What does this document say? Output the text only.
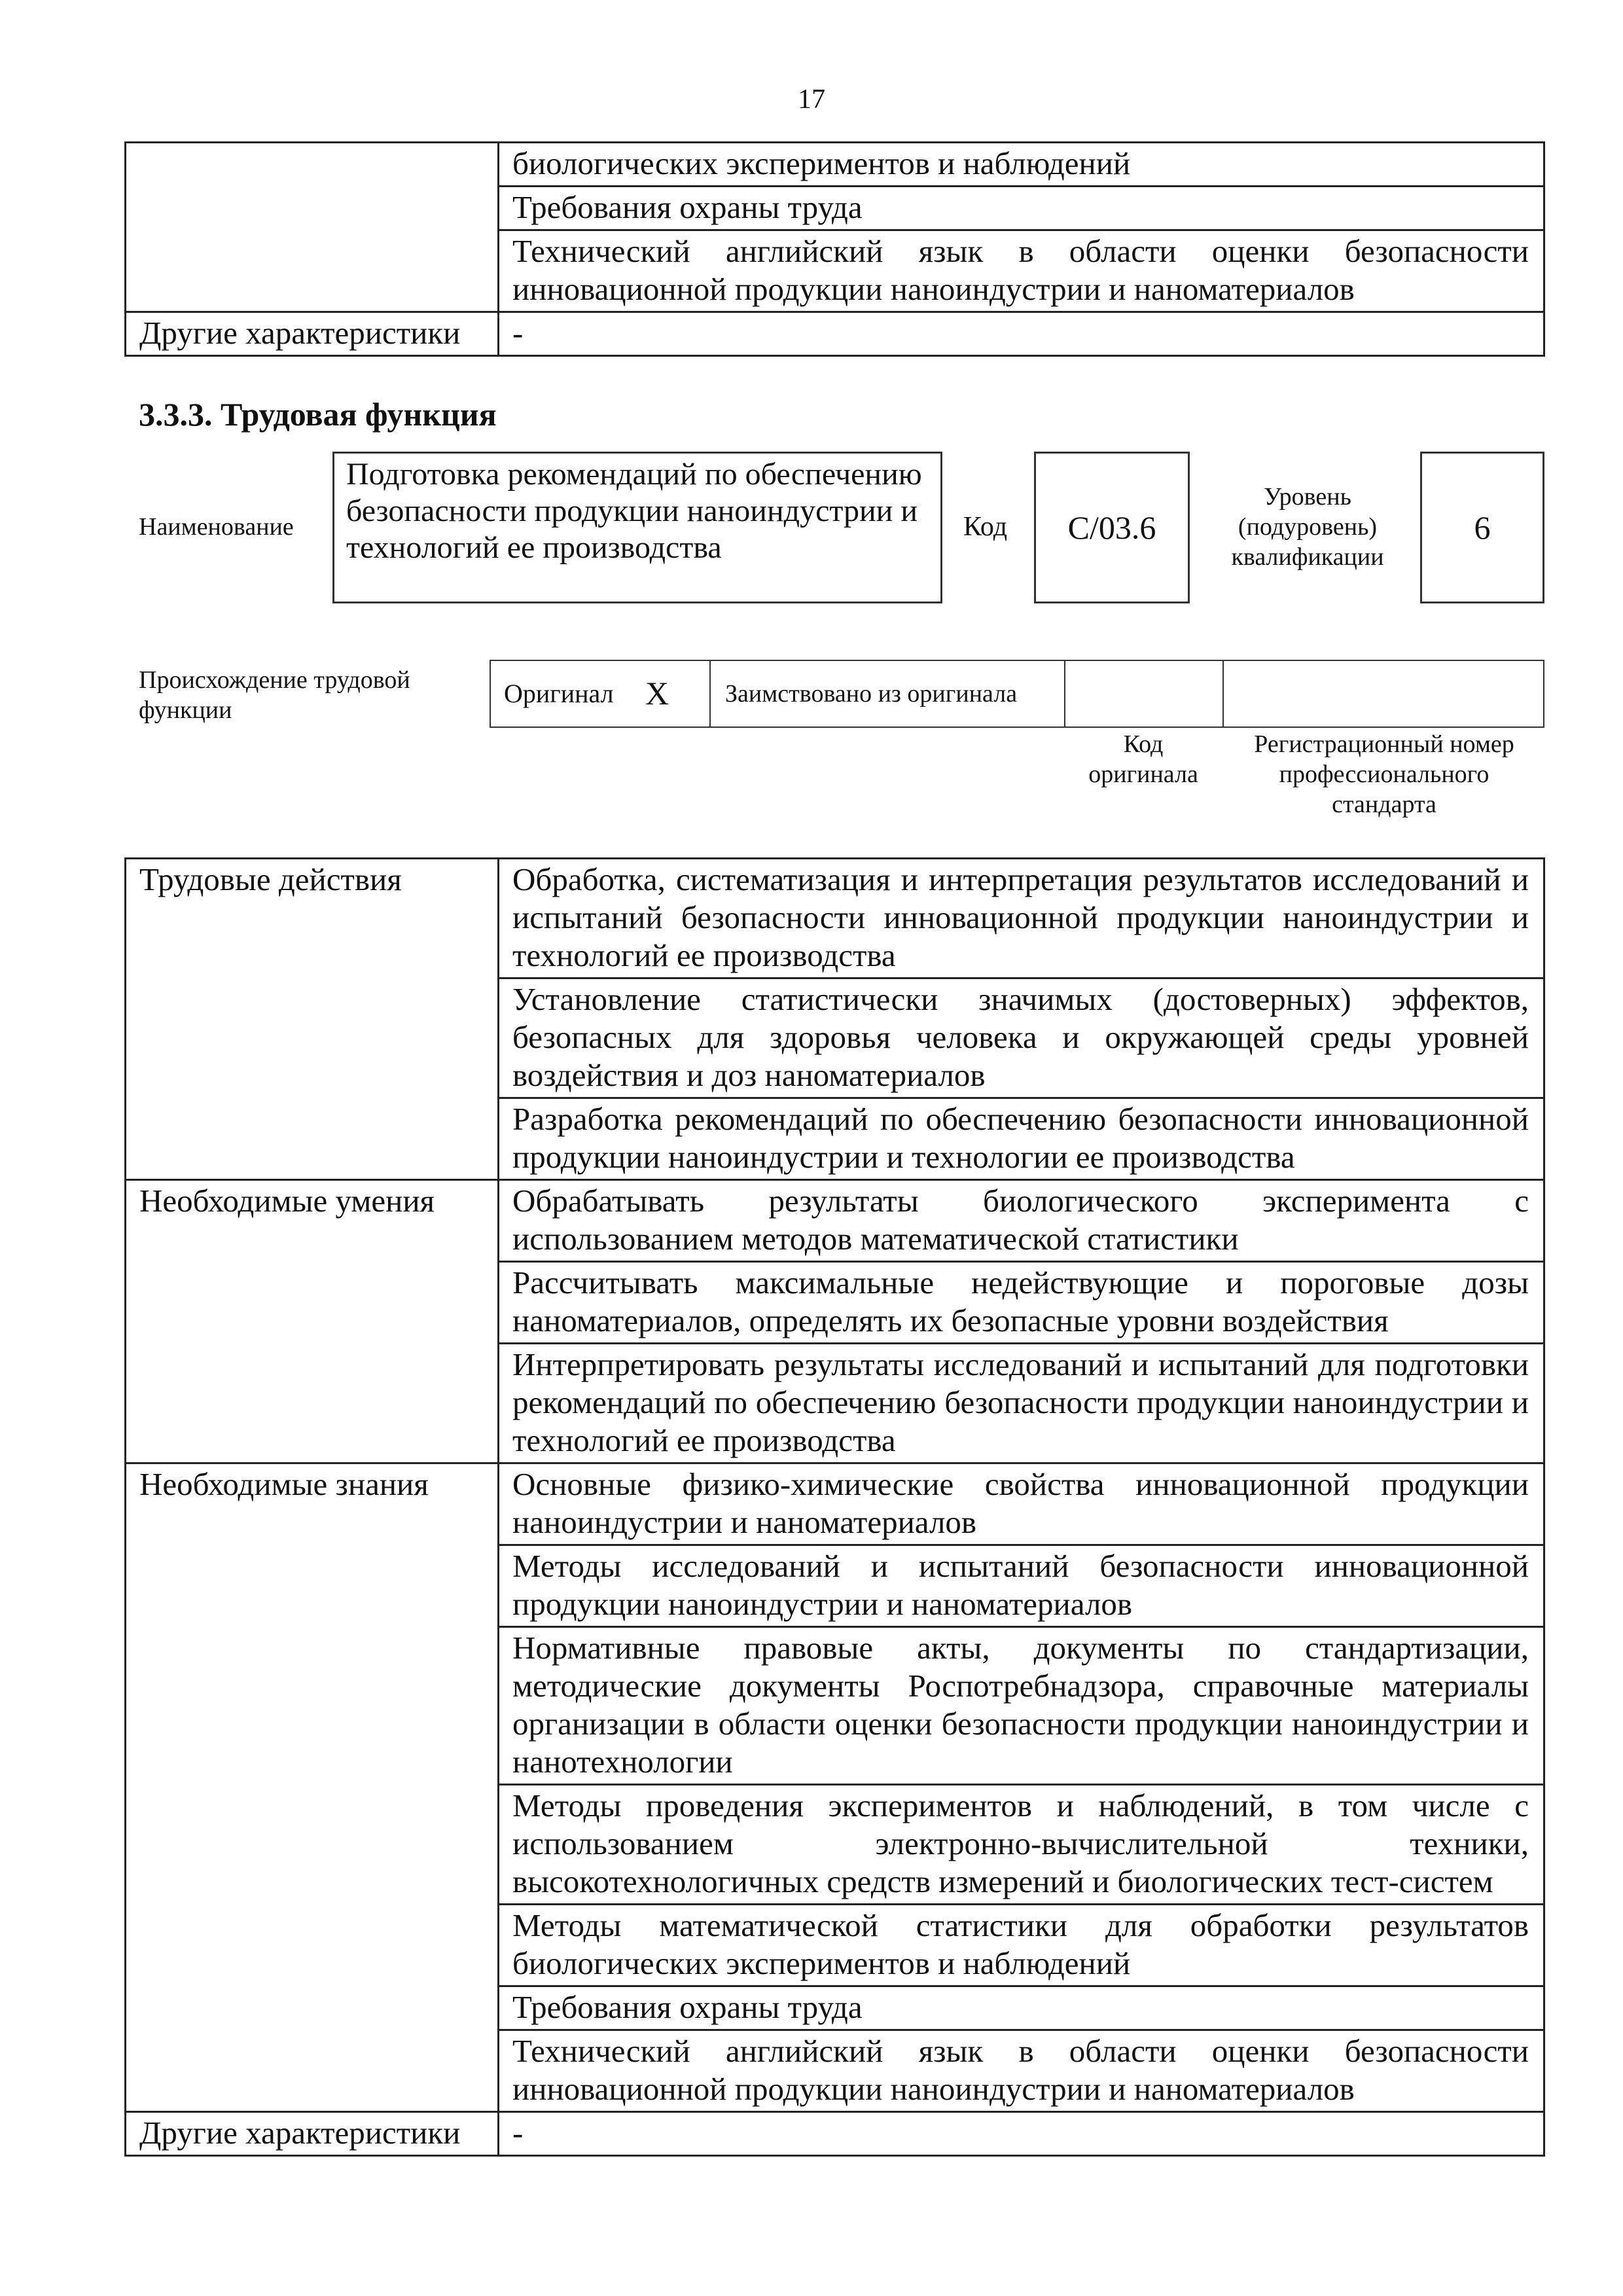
17
	биологических экспериментов и наблюдений
	Требования охраны труда
	Технический английский язык в области оценки безопасности инновационной продукции наноиндустрии и наноматериалов
Другие характеристики	-
3.3.3. Трудовая функция
Наименование
Подготовка рекомендаций по обеспечению безопасности продукции наноиндустрии и технологий ее производства
Код	C/03.6
Уровень (подуровень) квалификации
6
Происхождение трудовой функции
Оригинал X Заимствовано из оригинала
Код оригинала
Регистрационный номер профессионального стандарта
Трудовые действия	Обработка, систематизация и интерпретация результатов исследований и испытаний безопасности инновационной продукции наноиндустрии и технологий ее производства
	Установление статистически значимых (достоверных) эффектов, безопасных для здоровья человека и окружающей среды уровней воздействия и доз наноматериалов
	Разработка рекомендаций по обеспечению безопасности инновационной продукции наноиндустрии и технологии ее производства
Необходимые умения	Обрабатывать результаты биологического эксперимента с использованием методов математической статистики
	Рассчитывать максимальные недействующие и пороговые дозы наноматериалов, определять их безопасные уровни воздействия
	Интерпретировать результаты исследований и испытаний для подготовки рекомендаций по обеспечению безопасности продукции наноиндустрии и технологий ее производства
Необходимые знания	Основные физико-химические свойства инновационной продукции наноиндустрии и наноматериалов
	Методы исследований и испытаний безопасности инновационной продукции наноиндустрии и наноматериалов
	Нормативные правовые акты, документы по стандартизации, методические документы Роспотребнадзора, справочные материалы организации в области оценки безопасности продукции наноиндустрии и нанотехнологии
	Методы проведения экспериментов и наблюдений, в том числе с использованием электронно-вычислительной техники, высокотехнологичных средств измерений и биологических тест-систем
	Методы математической статистики для обработки результатов биологических экспериментов и наблюдений
	Требования охраны труда
	Технический английский язык в области оценки безопасности инновационной продукции наноиндустрии и наноматериалов
Другие характеристики	-
